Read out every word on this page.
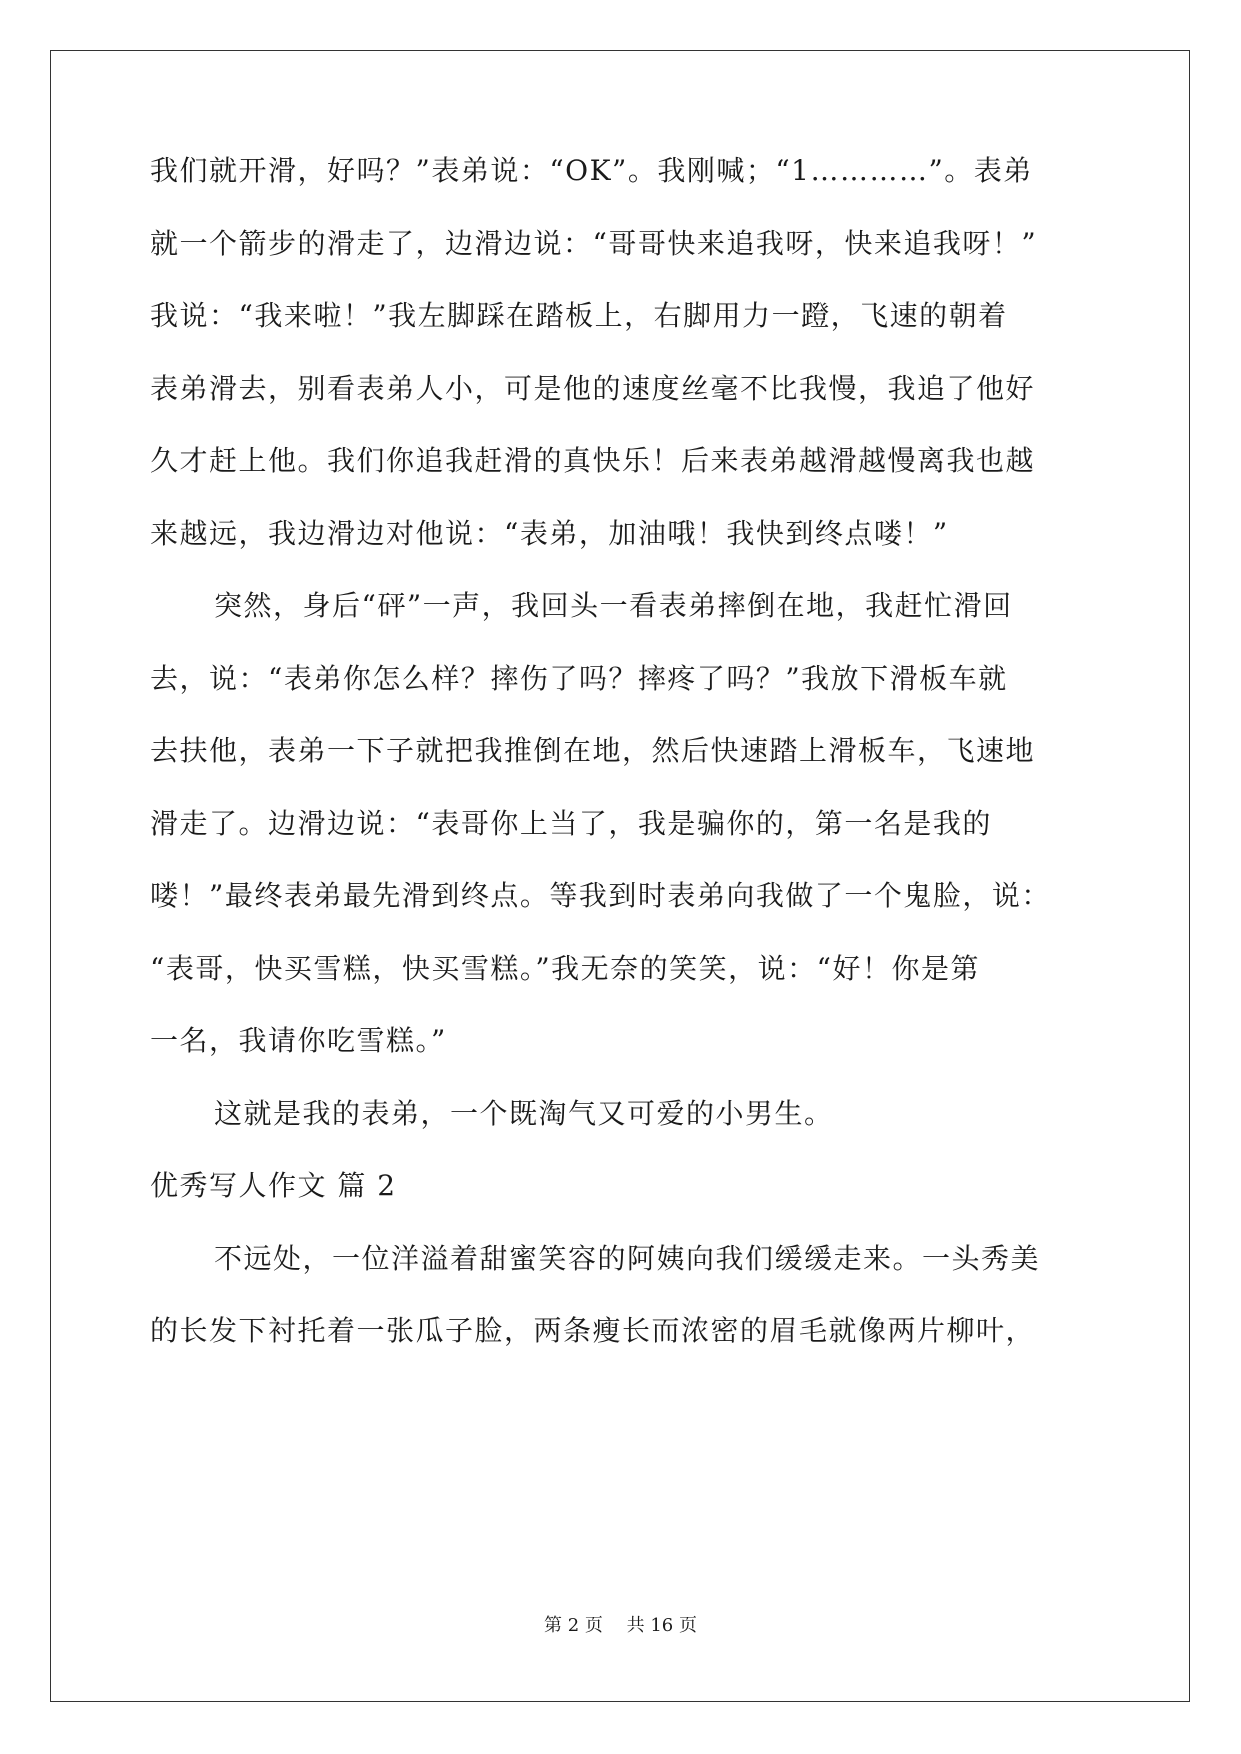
我们就开滑，好吗？”表弟说：“OK”。我刚喊；“1…………”。表弟
就一个箭步的滑走了，边滑边说：“哥哥快来追我呀，快来追我呀！”
我说：“我来啦！”我左脚踩在踏板上，右脚用力一蹬，飞速的朝着
表弟滑去，别看表弟人小，可是他的速度丝毫不比我慢，我追了他好
久才赶上他。我们你追我赶滑的真快乐！后来表弟越滑越慢离我也越
来越远，我边滑边对他说：“表弟，加油哦！我快到终点喽！”
突然，身后“砰”一声，我回头一看表弟摔倒在地，我赶忙滑回
去，说：“表弟你怎么样？摔伤了吗？摔疼了吗？”我放下滑板车就
去扶他，表弟一下子就把我推倒在地，然后快速踏上滑板车，飞速地
滑走了。边滑边说：“表哥你上当了，我是骗你的，第一名是我的
喽！”最终表弟最先滑到终点。等我到时表弟向我做了一个鬼脸，说：
“表哥，快买雪糕，快买雪糕。”我无奈的笑笑，说：“好！你是第
一名，我请你吃雪糕。”
这就是我的表弟，一个既淘气又可爱的小男生。
优秀写人作文 篇 2
不远处，一位洋溢着甜蜜笑容的阿姨向我们缓缓走来。一头秀美
的长发下衬托着一张瓜子脸，两条瘦长而浓密的眉毛就像两片柳叶，
第 2 页　 共 16 页
